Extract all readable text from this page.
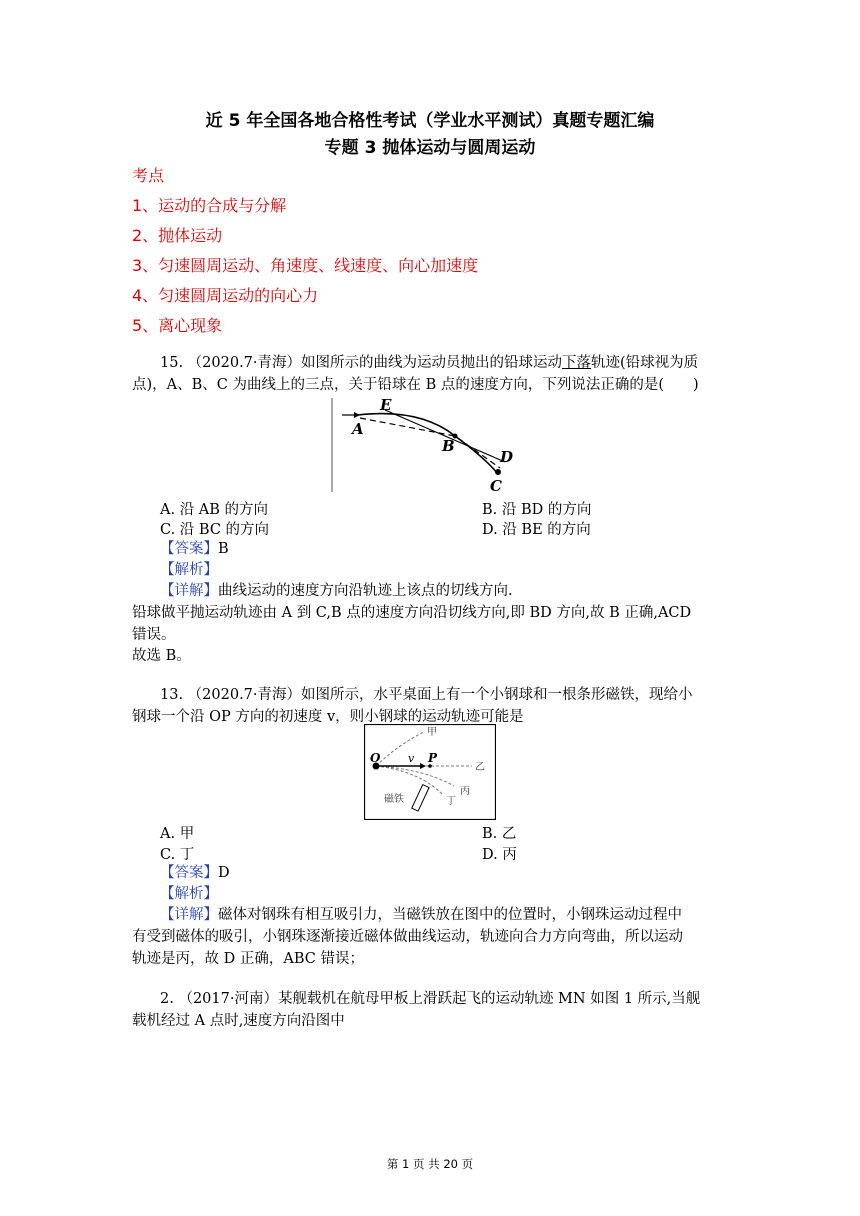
近 5 年全国各地合格性考试（学业水平测试）真题专题汇编
专题 3 抛体运动与圆周运动
考点
1、运动的合成与分解
2、抛体运动
3、匀速圆周运动、角速度、线速度、向心加速度
4、匀速圆周运动的向心力
5、离心现象
15. （2020.7·青海）如图所示的曲线为运动员抛出的铅球运动下落轨迹(铅球视为质
点)，A、B、C 为曲线上的三点，关于铅球在 B 点的速度方向，下列说法正确的是(　　)
A
E
B
D
C
A. 沿 AB 的方向	B. 沿 BD 的方向
C. 沿 BC 的方向	D. 沿 BE 的方向
【答案】B
【解析】
【详解】曲线运动的速度方向沿轨迹上该点的切线方向.
铅球做平抛运动轨迹由 A 到 C,B 点的速度方向沿切线方向,即 BD 方向,故 B 正确,ACD
错误。
故选 B。
13. （2020.7·青海）如图所示，水平桌面上有一个小钢球和一根条形磁铁，现给小
钢球一个沿 OP 方向的初速度 v，则小钢球的运动轨迹可能是
O	v P
甲
乙
丙
丁
磁铁
A. 甲	B. 乙
C. 丁	D. 丙
【答案】D
【解析】
【详解】磁体对钢珠有相互吸引力，当磁铁放在图中的位置时，小钢珠运动过程中
有受到磁体的吸引，小钢珠逐渐接近磁体做曲线运动，轨迹向合力方向弯曲，所以运动
轨迹是丙，故 D 正确，ABC 错误；
2. （2017·河南）某舰载机在航母甲板上滑跃起飞的运动轨迹 MN 如图 1 所示,当舰
载机经过 A 点时,速度方向沿图中
第 1 页 共 20 页
